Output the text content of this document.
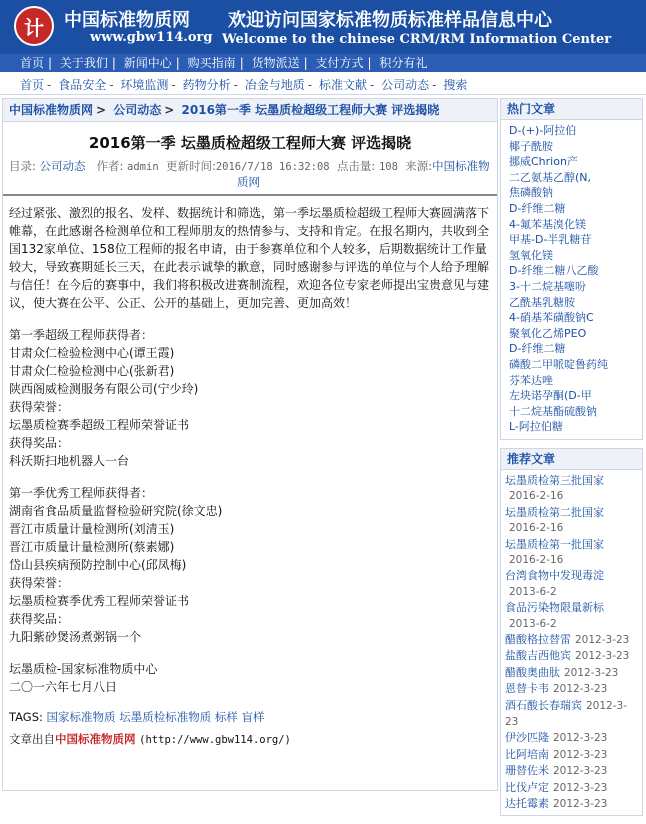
计 中国标准物质网
www.gbw114.org
欢迎访问国家标准物质标准样品信息中心
Welcome to the chinese CRM/RM Information Center
首页 | 关于我们 | 新闻中心 | 购买指南 | 货物派送 | 支付方式 | 积分有礼
首页 - 食品安全 - 环境监测 - 药物分析 - 冶金与地质 - 标准文献 - 公司动态 - 搜索
中国标准物质网 > 公司动态 > 2016第一季 坛墨质检超级工程师大赛 评选揭晓
2016第一季 坛墨质检超级工程师大赛 评选揭晓
目录: 公司动态 作者: admin 更新时间:2016/7/18 16:32:08 点击量: 108 来源:中国标准物
质网

经过紧张、激烈的报名、发样、数据统计和筛选，第一季坛墨质检超级工程师大赛圆满落下帷幕，在此感谢各检测单位和工程师朋友的热情参与、支持和肯定。在报名期内，共收到全国132家单位、158位工程师的报名申请，由于参赛单位和个人较多，后期数据统计工作量较大，导致赛期延长三天，在此表示诚挚的歉意，同时感谢参与评选的单位与个人给予理解与信任！在今后的赛事中，我们将积极改进赛制流程，欢迎各位专家老师提出宝贵意见与建议，使大赛在公平、公正、公开的基础上，更加完善、更加高效！

第一季超级工程师获得者：

甘肃众仁检验检测中心(谭王霞)

甘肃众仁检验检测中心(张新君)

陕西阁威检测服务有限公司(宁少玲)

获得荣誉：

坛墨质检赛季超级工程师荣誉证书

获得奖品：

科沃斯扫地机器人一台

第一季优秀工程师获得者：

湖南省食品质量监督检验研究院(徐文忠)

晋江市质量计量检测所(刘清玉)

晋江市质量计量检测所(蔡素娜)

岱山县疾病预防控制中心(邱凤梅)

获得荣誉：

坛墨质检赛季优秀工程师荣誉证书

获得奖品：

九阳紫砂煲汤煮粥锅一个

坛墨质检-国家标准物质中心

二〇一六年七月八日

TAGS: 国家标准物质 坛墨质检标准物质 标样 盲样
文章出自中国标准物质网 (http://www.gbw114.org/)
热门文章
D-(+)-阿拉伯
椰子酰胺
挪威Chrion产
二乙氨基乙醇(N,
焦磷酸钠
D-纤维二糖
4-氟苯基溴化镁
甲基-D-半乳糖苷
氢氧化镁
D-纤维二糖八乙酸
3-十二烷基噻吩
乙酰基乳糖胺
4-硝基苯磺酸钠C
聚氧化乙烯PEO
D-纤维二糖
磷酸二甲哌啶鲁药纯
芬苯达唑
左块诺孕酮(D-甲
十二烷基酯硫酸钠
L-阿拉伯糖
推荐文章
坛墨质检第三批国家2016-2-16
坛墨质检第二批国家2016-2-16
坛墨质检第一批国家2016-2-16
台湾食物中发现毒淀2013-6-2
食品污染物限量新标2013-6-2
醋酸格拉替雷 2012-3-23
盐酸吉西他宾 2012-3-23
醋酸奥曲肽 2012-3-23
恩替卡韦 2012-3-23
酒石酸长春瑞宾 2012-3-23
伊沙匹隆 2012-3-23
比阿培南 2012-3-23
珊替佐米 2012-3-23
比伐卢定 2012-3-23
达托霉素 2012-3-23
